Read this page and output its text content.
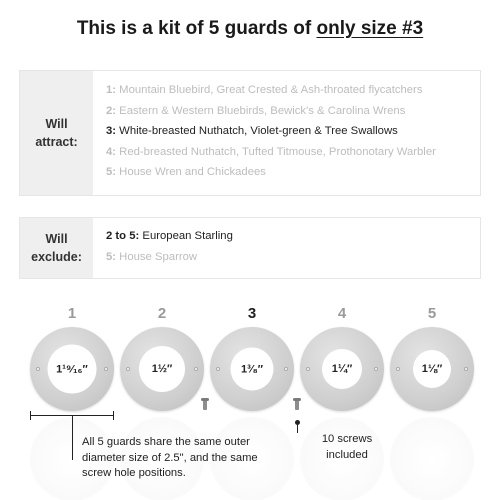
This is a kit of 5 guards of only size #3
Will
attract:
1: Mountain Bluebird, Great Crested & Ash-throated flycatchers
2: Eastern & Western Bluebirds, Bewick's & Carolina Wrens
3: White-breasted Nuthatch, Violet-green & Tree Swallows
4: Red-breasted Nuthatch, Tufted Titmouse, Prothonotary Warbler
5: House Wren and Chickadees
Will
exclude:
2 to 5: European Starling
5: House Sparrow
All 5 guards share the same outer diameter size of 2.5", and the same screw hole positions.
10 screws included
1
1¹⁹⁄₁₆″
2
1½″
3
1³⁄₈″
4
1¼″
5
1⅛″
